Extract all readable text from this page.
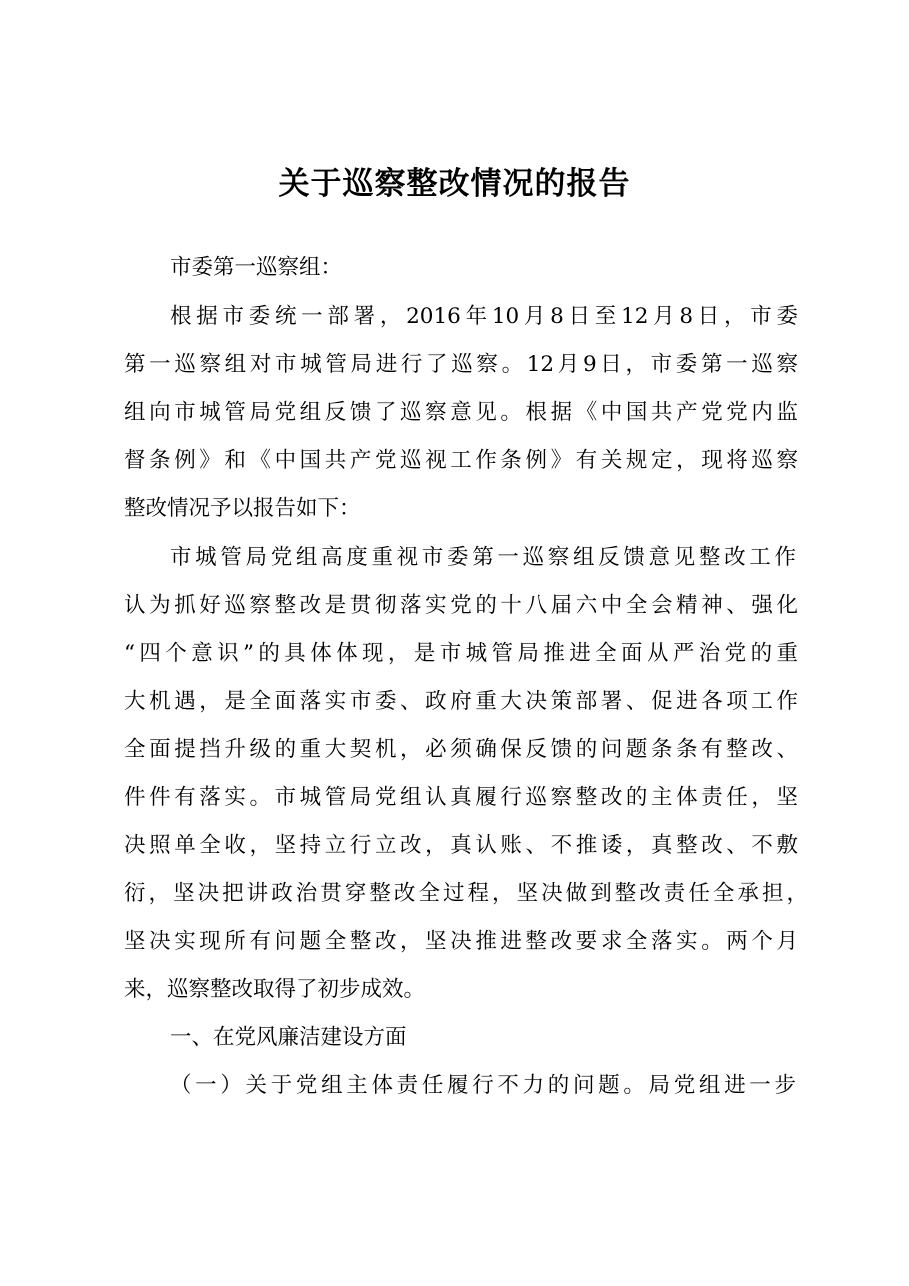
关于巡察整改情况的报告
市委第一巡察组：
根据市委统一部署，2016年10月8日至12月8日，市委
第一巡察组对市城管局进行了巡察。12月9日，市委第一巡察
组向市城管局党组反馈了巡察意见。根据《中国共产党党内监
督条例》和《中国共产党巡视工作条例》有关规定，现将巡察
整改情况予以报告如下：
市城管局党组高度重视市委第一巡察组反馈意见整改工作
认为抓好巡察整改是贯彻落实党的十八届六中全会精神、强化
“四个意识”的具体体现，是市城管局推进全面从严治党的重
大机遇，是全面落实市委、政府重大决策部署、促进各项工作
全面提挡升级的重大契机，必须确保反馈的问题条条有整改、
件件有落实。市城管局党组认真履行巡察整改的主体责任，坚
决照单全收，坚持立行立改，真认账、不推诿，真整改、不敷
衍，坚决把讲政治贯穿整改全过程，坚决做到整改责任全承担，
坚决实现所有问题全整改，坚决推进整改要求全落实。两个月
来，巡察整改取得了初步成效。
一、在党风廉洁建设方面
（一）关于党组主体责任履行不力的问题。局党组进一步
